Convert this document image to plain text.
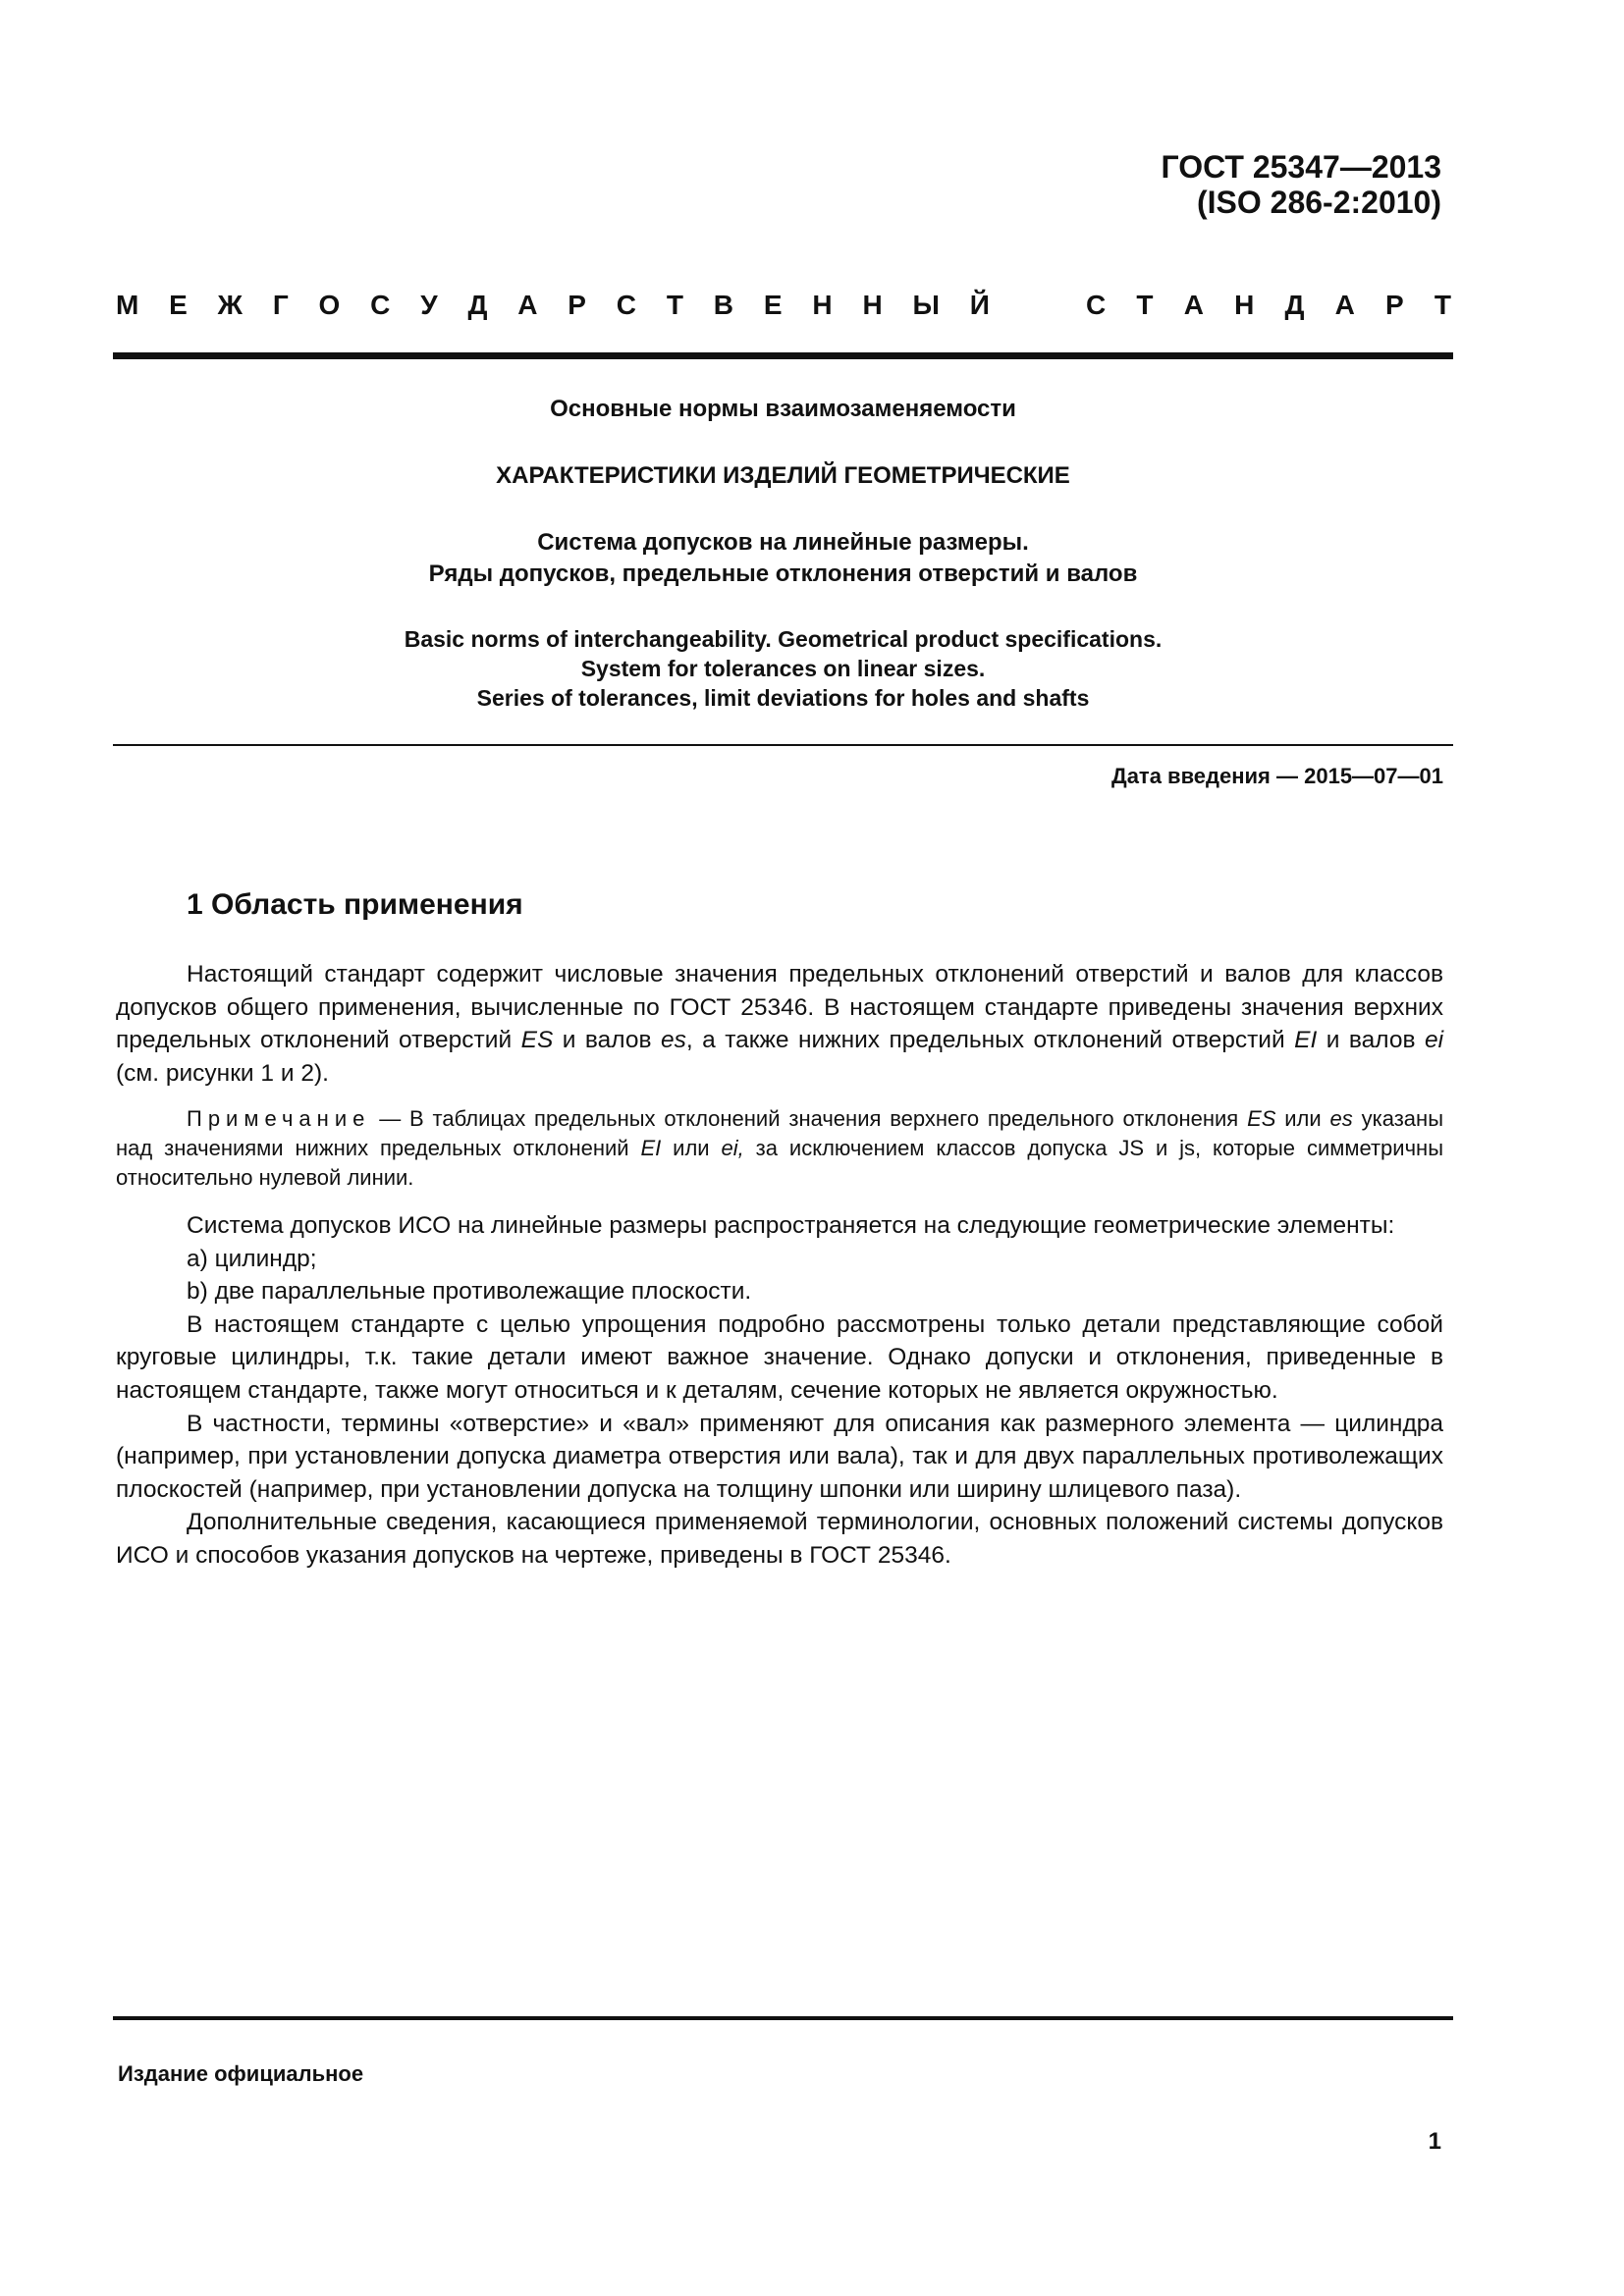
ГОСТ 25347—2013
(ISO 286-2:2010)
М Е Ж Г О С У Д А Р С Т В Е Н Н Ы Й	С Т А Н Д А Р Т
Основные нормы взаимозаменяемости
ХАРАКТЕРИСТИКИ ИЗДЕЛИЙ ГЕОМЕТРИЧЕСКИЕ
Система допусков на линейные размеры.
Ряды допусков, предельные отклонения отверстий и валов
Basic norms of interchangeability. Geometrical product specifications.
System for tolerances on linear sizes.
Series of tolerances, limit deviations for holes and shafts
Дата введения — 2015—07—01
1 Область применения

Настоящий стандарт содержит числовые значения предельных отклонений отверстий и валов для классов допусков общего применения, вычисленные по ГОСТ 25346. В настоящем стандарте приведены значения верхних предельных отклонений отверстий ES и валов es, а также нижних предельных отклонений отверстий EI и валов ei (см. рисунки 1 и 2).

Примечание — В таблицах предельных отклонений значения верхнего предельного отклонения ES или es указаны над значениями нижних предельных отклонений EI или ei, за исключением классов допуска JS и js, которые симметричны относительно нулевой линии.

Система допусков ИСО на линейные размеры распространяется на следующие геометрические элементы:

a) цилиндр;

b) две параллельные противолежащие плоскости.

В настоящем стандарте с целью упрощения подробно рассмотрены только детали представляющие собой круговые цилиндры, т.к. такие детали имеют важное значение. Однако допуски и отклонения, приведенные в настоящем стандарте, также могут относиться и к деталям, сечение которых не является окружностью.

В частности, термины «отверстие» и «вал» применяют для описания как размерного элемента — цилиндра (например, при установлении допуска диаметра отверстия или вала), так и для двух параллельных противолежащих плоскостей (например, при установлении допуска на толщину шпонки или ширину шлицевого паза).

Дополнительные сведения, касающиеся применяемой терминологии, основных положений системы допусков ИСО и способов указания допусков на чертеже, приведены в ГОСТ 25346.

Издание официальное
1
